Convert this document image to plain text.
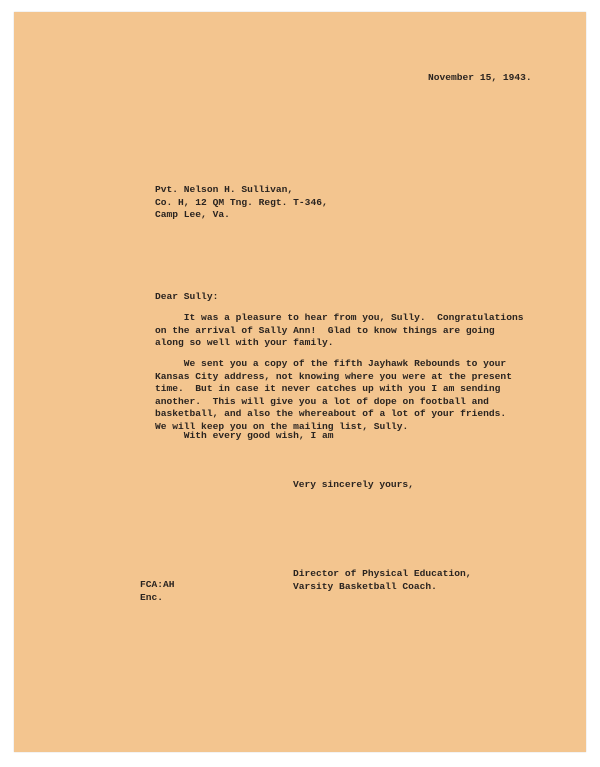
November 15, 1943.
Pvt. Nelson H. Sullivan,
Co. H, 12 QM Tng. Regt. T-346,
Camp Lee, Va.
Dear Sully:
It was a pleasure to hear from you, Sully.  Congratulations
on the arrival of Sally Ann!  Glad to know things are going
along so well with your family.
We sent you a copy of the fifth Jayhawk Rebounds to your
Kansas City address, not knowing where you were at the present
time.  But in case it never catches up with you I am sending
another.  This will give you a lot of dope on football and
basketball, and also the whereabout of a lot of your friends.
We will keep you on the mailing list, Sully.
With every good wish, I am
Very sincerely yours,
Director of Physical Education,
Varsity Basketball Coach.
FCA:AH
Enc.
